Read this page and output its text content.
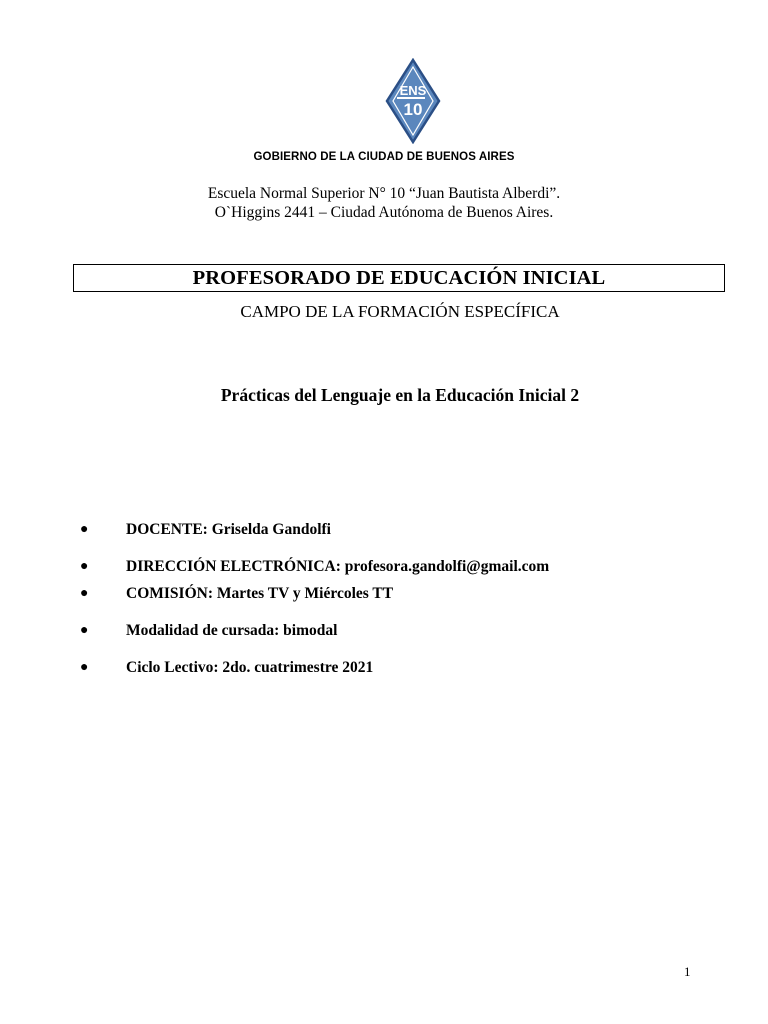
ENS
10
GOBIERNO DE LA CIUDAD DE BUENOS AIRES
Escuela Normal Superior N° 10 “Juan Bautista Alberdi”.
O`Higgins 2441 – Ciudad Autónoma de Buenos Aires.
PROFESORADO DE EDUCACIÓN INICIAL
CAMPO DE LA FORMACIÓN ESPECÍFICA
Prácticas del Lenguaje en la Educación Inicial 2
● DOCENTE: Griselda Gandolfi
● DIRECCIÓN ELECTRÓNICA: profesora.gandolfi@gmail.com
● COMISIÓN: Martes TV y Miércoles TT
● Modalidad de cursada: bimodal
● Ciclo Lectivo: 2do. cuatrimestre 2021
1
